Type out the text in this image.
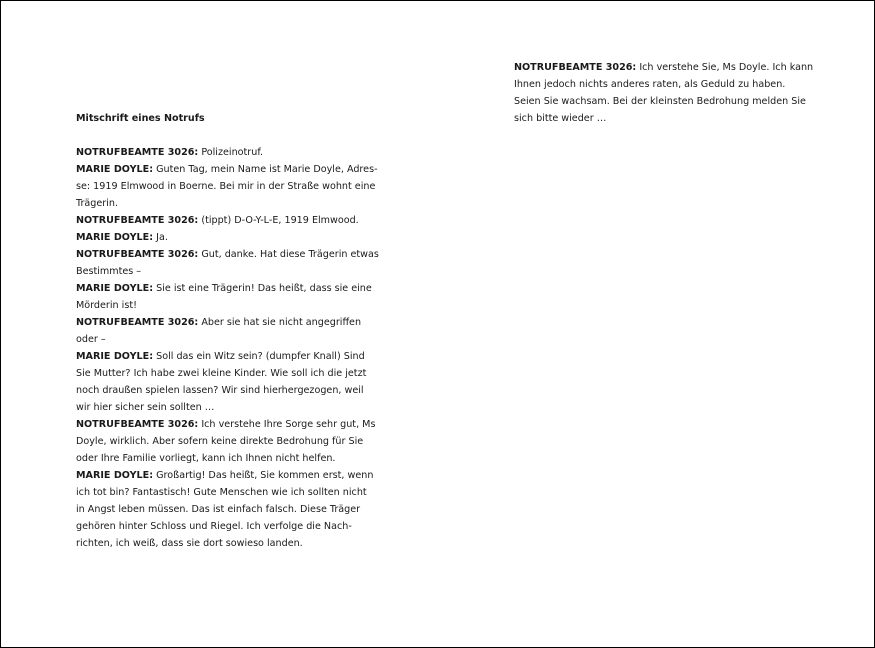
Mitschrift eines Notrufs
NOTRUFBEAMTE 3026: Polizeinotruf.
MARIE DOYLE: Guten Tag, mein Name ist Marie Doyle, Adres-
se: 1919 Elmwood in Boerne. Bei mir in der Straße wohnt eine
Trägerin.
NOTRUFBEAMTE 3026: (tippt) D-O-Y-L-E, 1919 Elmwood.
MARIE DOYLE: Ja.
NOTRUFBEAMTE 3026: Gut, danke. Hat diese Trägerin etwas
Bestimmtes –
MARIE DOYLE: Sie ist eine Trägerin! Das heißt, dass sie eine
Mörderin ist!
NOTRUFBEAMTE 3026: Aber sie hat sie nicht angegriffen
oder –
MARIE DOYLE: Soll das ein Witz sein? (dumpfer Knall) Sind
Sie Mutter? Ich habe zwei kleine Kinder. Wie soll ich die jetzt
noch draußen spielen lassen? Wir sind hierhergezogen, weil
wir hier sicher sein sollten …
NOTRUFBEAMTE 3026: Ich verstehe Ihre Sorge sehr gut, Ms
Doyle, wirklich. Aber sofern keine direkte Bedrohung für Sie
oder Ihre Familie vorliegt, kann ich Ihnen nicht helfen.
MARIE DOYLE: Großartig! Das heißt, Sie kommen erst, wenn
ich tot bin? Fantastisch! Gute Menschen wie ich sollten nicht
in Angst leben müssen. Das ist einfach falsch. Diese Träger
gehören hinter Schloss und Riegel. Ich verfolge die Nach-
richten, ich weiß, dass sie dort sowieso landen.
NOTRUFBEAMTE 3026: Ich verstehe Sie, Ms Doyle. Ich kann
Ihnen jedoch nichts anderes raten, als Geduld zu haben.
Seien Sie wachsam. Bei der kleinsten Bedrohung melden Sie
sich bitte wieder …
